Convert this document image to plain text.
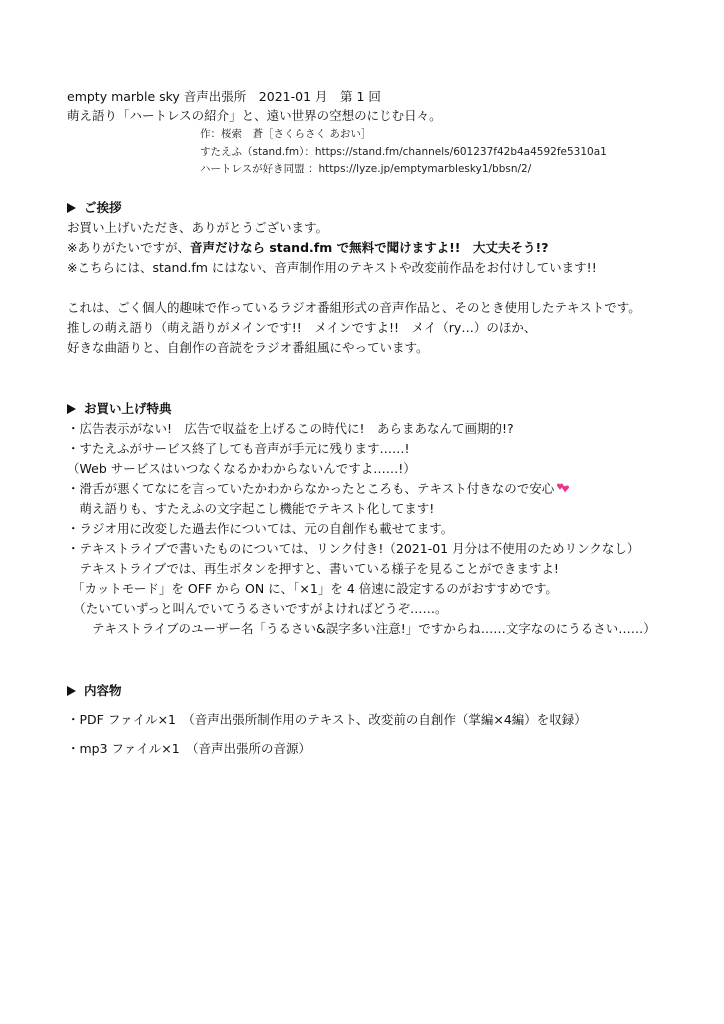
empty marble sky 音声出張所　2021-01 月　第 1 回
萌え語り「ハートレスの紹介」と、遠い世界の空想のにじむ日々。
作：桜索　蒼［さくらさく あおい］
すたえふ（stand.fm）：https://stand.fm/channels/601237f42b4a4592fe5310a1
ハートレスが好き同盟 ：https://lyze.jp/emptymarblesky1/bbsn/2/
ご挨拶
お買い上げいただき、ありがとうございます。
※ありがたいですが、音声だけなら stand.fm で無料で聞けますよ!!　大丈夫そう!?
※こちらには、stand.fm にはない、音声制作用のテキストや改変前作品をお付けしています!!
これは、ごく個人的趣味で作っているラジオ番組形式の音声作品と、そのとき使用したテキストです。
推しの萌え語り（萌え語りがメインです!!　メインですよ!!　メイ（ry…）のほか、
好きな曲語りと、自創作の音読をラジオ番組風にやっています。
お買い上げ特典
・広告表示がない!　広告で収益を上げるこの時代に!　あらまあなんて画期的!?
・すたえふがサービス終了しても音声が手元に残ります……!
（Web サービスはいつなくなるかわからないんですよ……!）
・滑舌が悪くてなにを言っていたかわからなかったところも、テキスト付きなので安心
　萌え語りも、すたえふの文字起こし機能でテキスト化してます!
・ラジオ用に改変した過去作については、元の自創作も載せてます。
・テキストライブで書いたものについては、リンク付き!（2021-01 月分は不使用のためリンクなし）
　テキストライブでは、再生ボタンを押すと、書いている様子を見ることができますよ!
「カットモード」を OFF から ON に、「×1」を 4 倍速に設定するのがおすすめです。
　（たいていずっと叫んでいてうるさいですがよければどうぞ……。
　　テキストライブのユーザー名「うるさい&誤字多い注意!」ですからね……文字なのにうるさい……）
内容物
・PDF ファイル×1　（音声出張所制作用のテキスト、改変前の自創作（掌編×4編）を収録）
・mp3 ファイル×1　（音声出張所の音源）
